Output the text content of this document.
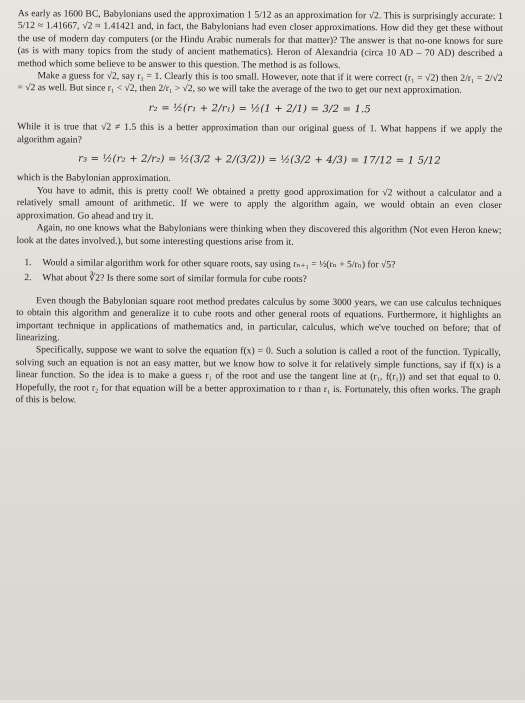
As early as 1600 BC, Babylonians used the approximation 1 5/12 as an approximation for √2. This is surprisingly accurate: 1 5/12 ≈ 1.41667, √2 ≈ 1.41421 and, in fact, the Babylonians had even closer approximations. How did they get these without the use of modern day computers (or the Hindu Arabic numerals for that matter)? The answer is that no-one knows for sure (as is with many topics from the study of ancient mathematics). Heron of Alexandria (circa 10 AD – 70 AD) described a method which some believe to be answer to this question. The method is as follows.

Make a guess for √2, say r₁ = 1. Clearly this is too small. However, note that if it were correct (r₁ = √2) then 2/r₁ = 2/√2 = √2 as well. But since r₁ < √2, then 2/r₁ > √2, so we will take the average of the two to get our next approximation.

r₂ = ½(r₁ + 2/r₁) = ½(1 + 2/1) = 3/2 = 1.5

While it is true that √2 ≠ 1.5 this is a better approximation than our original guess of 1. What happens if we apply the algorithm again?

r₃ = ½(r₂ + 2/r₂) = ½(3/2 + 2/(3/2)) = ½(3/2 + 4/3) = 17/12 = 1 5/12

which is the Babylonian approximation.

You have to admit, this is pretty cool! We obtained a pretty good approximation for √2 without a calculator and a relatively small amount of arithmetic. If we were to apply the algorithm again, we would obtain an even closer approximation. Go ahead and try it.

Again, no one knows what the Babylonians were thinking when they discovered this algorithm (Not even Heron knew; look at the dates involved.), but some interesting questions arise from it.

1.	Would a similar algorithm work for other square roots, say using rₙ₊₁ = ½(rₙ + 5/rₙ) for √5?
2.	What about ∛2? Is there some sort of similar formula for cube roots?

Even though the Babylonian square root method predates calculus by some 3000 years, we can use calculus techniques to obtain this algorithm and generalize it to cube roots and other general roots of equations. Furthermore, it highlights an important technique in applications of mathematics and, in particular, calculus, which we've touched on before; that of linearizing.

Specifically, suppose we want to solve the equation f(x) = 0. Such a solution is called a root of the function. Typically, solving such an equation is not an easy matter, but we know how to solve it for relatively simple functions, say if f(x) is a linear function. So the idea is to make a guess r₁ of the root and use the tangent line at (r₁, f(r₁)) and set that equal to 0. Hopefully, the root r₂ for that equation will be a better approximation to r than r₁ is. Fortunately, this often works. The graph of this is below.
